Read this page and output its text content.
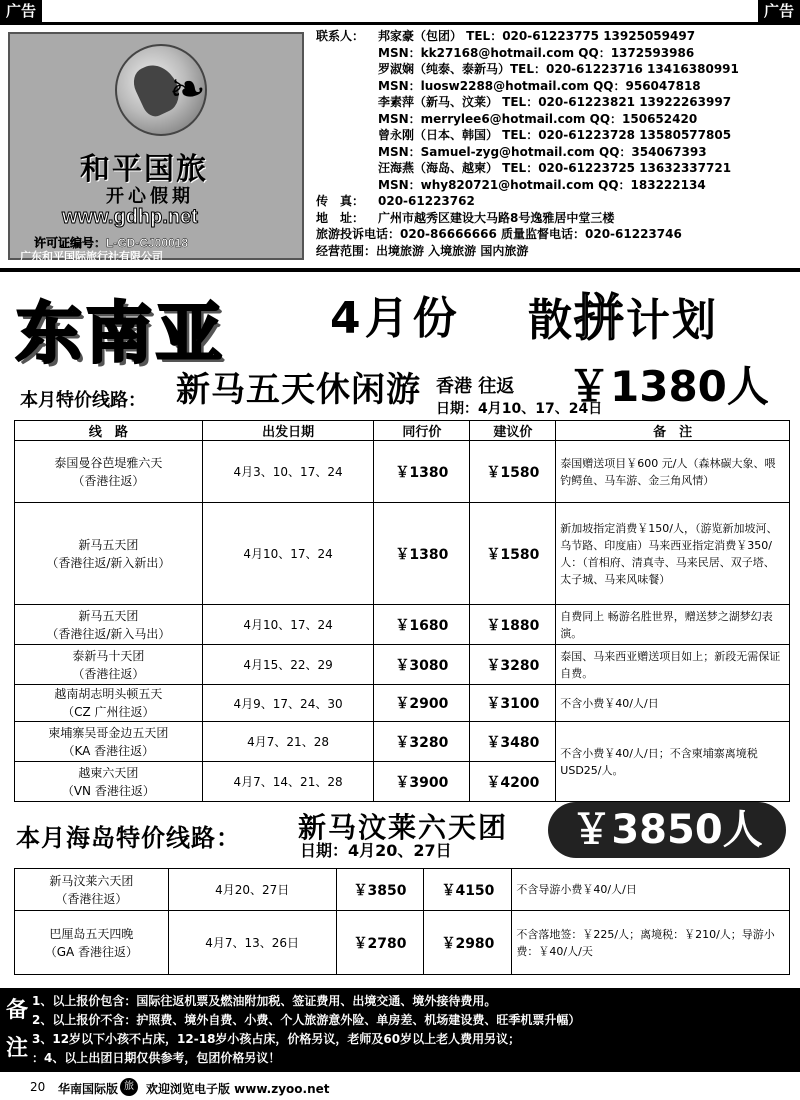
广告	广告
❧
和平国旅
开心假期
www.gdhp.net
许可证编号：L-GD-CJ00018
广东和平国际旅行社有限公司
Tourism Co.,LTD
联系人：	邦家豪（包团） TEL：020-61223775 13925059497
MSN：kk27168@hotmail.com QQ：1372593986
罗淑娴（纯泰、泰新马）TEL：020-61223716 13416380991
MSN：luosw2288@hotmail.com QQ：956047818
李素萍（新马、汶莱） TEL：020-61223821 13922263997
MSN：merrylee6@hotmail.com QQ：150652420
曾永刚（日本、韩国） TEL：020-61223728 13580577805
MSN：Samuel-zyg@hotmail.com QQ：354067393
汪海燕（海岛、越柬） TEL：020-61223725 13632337721
MSN：why820721@hotmail.com QQ：183222134
传　真：	020-61223762
地　址：	广州市越秀区建设大马路8号逸雅居中堂三楼
旅游投诉电话：020-86666666 质量监督电话：020-61223746
经营范围：出境旅游 入境旅游 国内旅游
东南亚 4月份 散拼计划
本月特价线路： 新马五天休闲游 香港 往返 ￥1380人
日期：4月10、17、24日
线　路	出发日期	同行价	建议价	备　注

泰国曼谷芭堤雅六天
（香港往返）	4月3、10、17、24	￥1380	￥1580	泰国赠送项目￥600 元/人（森林碳大象、喂钓鳄鱼、马车游、金三角风情）

新马五天团
（香港往返/新入新出）	4月10、17、24	￥1380	￥1580	新加坡指定消费￥150/人，（游览新加坡河、乌节路、印度庙）马来西亚指定消费￥350/人：（首相府、清真寺、马来民居、双子塔、太子城、马来风味餐）

新马五天团
（香港往返/新入马出）	4月10、17、24	￥1680	￥1880	自费同上 畅游名胜世界，赠送梦之湖梦幻表演。

泰新马十天团
（香港往返）	4月15、22、29	￥3080	￥3280	泰国、马来西亚赠送项目如上；新段无需保证自费。

越南胡志明头顿五天
（CZ 广州往返）	4月9、17、24、30	￥2900	￥3100	不含小费￥40/人/日

柬埔寨吴哥金边五天团
（KA 香港往返）	4月7、21、28	￥3280	￥3480	不含小费￥40/人/日；不含柬埔寨离境税 USD25/人。

越柬六天团
（VN 香港往返）	4月7、14、21、28	￥3900	￥4200	
本月海岛特价线路： 新马汶莱六天团
日期：4月20、27日	￥3850人
新马汶莱六天团
（香港往返）	4月20、27日	￥3850	￥4150	不含导游小费￥40/人/日

巴厘岛五天四晚
（GA 香港往返）	4月7、13、26日	￥2780	￥2980	不含落地签：￥225/人；离境税：￥210/人；导游小费：￥40/人/天
备注
1、以上报价包含：国际往返机票及燃油附加税、签证费用、出境交通、境外接待费用。
2、以上报价不含：护照费、境外自费、小费、个人旅游意外险、单房差、机场建设费、旺季机票升幅）
3、12岁以下小孩不占床，12-18岁小孩占床，价格另议，老师及60岁以上老人费用另议；
：4、以上出团日期仅供参考，包团价格另议！
20 华南国际版 旅	欢迎浏览电子版 www.zyoo.net
